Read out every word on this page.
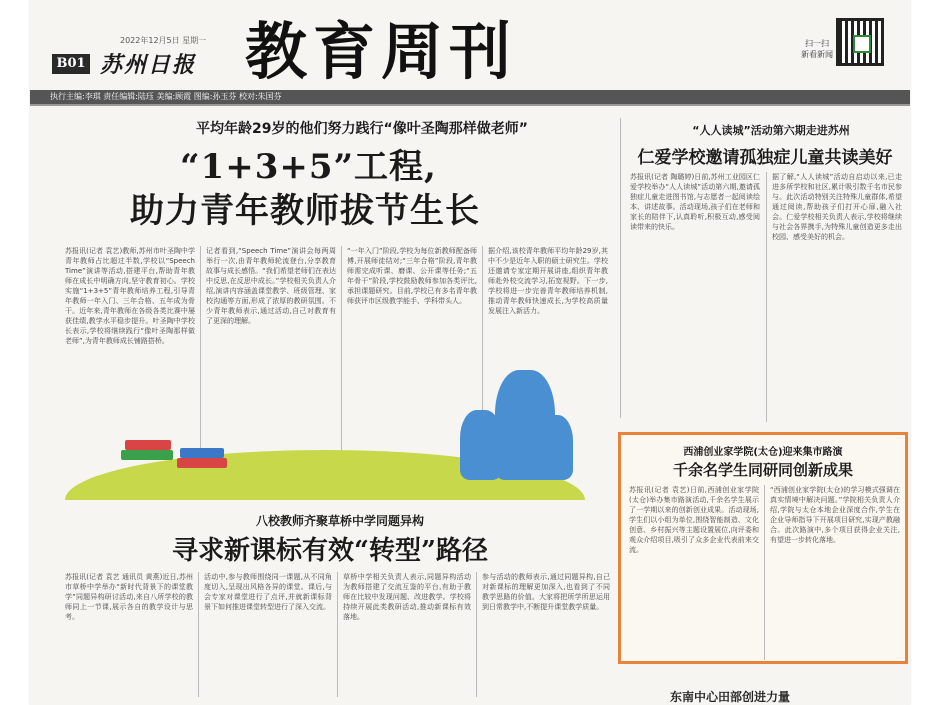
B01
2022年12月5日 星期一
苏州日报 教育周刊	扫一扫
新看新闻
执行主编:李琪 责任编辑:陆珏 美编:顾霞 图编:孙玉芬 校对:朱国芬
平均年龄29岁的他们努力践行“像叶圣陶那样做老师”
“1+3+5”工程,
助力青年教师拔节生长
苏报讯(记者 袁艺)教师,苏州市叶圣陶中学青年教师占比超过半数,学校以“Speech Time”演讲等活动,搭建平台,帮助青年教师在成长中明确方向,坚守教育初心。学校实施“1+3+5”青年教师培养工程,引导青年教师一年入门、三年合格、五年成为骨干。近年来,青年教师在各级各类比赛中屡获佳绩,教学水平稳步提升。叶圣陶中学校长表示,学校将继续践行“像叶圣陶那样做老师”,为青年教师成长铺路搭桥。
记者看到,“Speech Time”演讲会每两周举行一次,由青年教师轮流登台,分享教育故事与成长感悟。“我们希望老师们在表达中反思,在反思中成长。”学校相关负责人介绍,演讲内容涵盖课堂教学、班级管理、家校沟通等方面,形成了浓厚的教研氛围。不少青年教师表示,通过活动,自己对教育有了更深的理解。
“一年入门”阶段,学校为每位新教师配备师傅,开展师徒结对;“三年合格”阶段,青年教师需完成听课、磨课、公开课等任务;“五年骨干”阶段,学校鼓励教师参加各类评比,承担课题研究。目前,学校已有多名青年教师获评市区级教学能手、学科带头人。
据介绍,该校青年教师平均年龄29岁,其中不少是近年入职的硕士研究生。学校还邀请专家定期开展讲座,组织青年教师赴外校交流学习,拓宽视野。下一步,学校将进一步完善青年教师培养机制,推动青年教师快速成长,为学校高质量发展注入新活力。
“人人读城”活动第六期走进苏州
仁爱学校邀请孤独症儿童共读美好
苏报讯(记者 陶璐婷)日前,苏州工业园区仁爱学校举办“人人读城”活动第六期,邀请孤独症儿童走进图书馆,与志愿者一起阅读绘本、讲述故事。活动现场,孩子们在老师和家长的陪伴下,认真聆听,积极互动,感受阅读带来的快乐。
据了解,“人人读城”活动自启动以来,已走进多所学校和社区,累计吸引数千名市民参与。此次活动特别关注特殊儿童群体,希望通过阅读,帮助孩子们打开心扉,融入社会。仁爱学校相关负责人表示,学校将继续与社会各界携手,为特殊儿童创造更多走出校园、感受美好的机会。
西浦创业家学院(太仓)迎来集市路演
千余名学生同研同创新成果
苏报讯(记者 袁艺)日前,西浦创业家学院(太仓)举办集市路演活动,千余名学生展示了一学期以来的创新创业成果。活动现场,学生们以小组为单位,围绕智能制造、文化创意、乡村振兴等主题设置展位,向评委和观众介绍项目,吸引了众多企业代表前来交流。
“西浦创业家学院(太仓)的学习模式强调在真实情境中解决问题。”学院相关负责人介绍,学院与太仓本地企业深度合作,学生在企业导师指导下开展项目研究,实现产教融合。此次路演中,多个项目获得企业关注,有望进一步转化落地。
八校教师齐聚草桥中学同题异构
寻求新课标有效“转型”路径
苏报讯(记者 袁艺 通讯员 黄燕)近日,苏州市草桥中学举办“新时代背景下的课堂教学”同题异构研讨活动,来自八所学校的教师同上一节课,展示各自的教学设计与思考。
活动中,参与教师围绕同一课题,从不同角度切入,呈现出风格各异的课堂。课后,与会专家对课堂进行了点评,并就新课标背景下如何推进课堂转型进行了深入交流。
草桥中学相关负责人表示,同题异构活动为教师搭建了交流互鉴的平台,有助于教师在比较中发现问题、改进教学。学校将持续开展此类教研活动,推动新课标有效落地。
参与活动的教师表示,通过同题异构,自己对新课标的理解更加深入,也看到了不同教学思路的价值。大家将把所学所思运用到日常教学中,不断提升课堂教学质量。
东南中心田部创进力量
